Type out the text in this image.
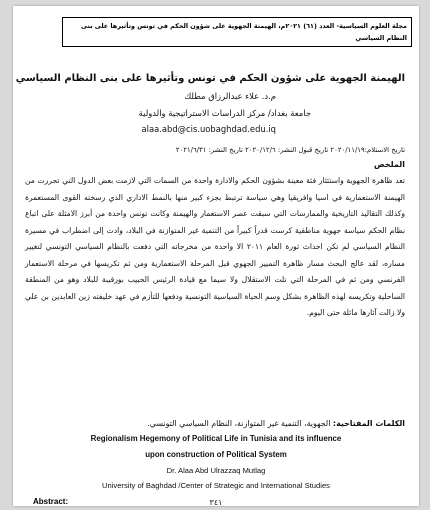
مجلة العلوم السياسية- العدد (٦١) ٢٠٢١م، الهيمنة الجهوية على شؤون الحكم في تونس وتأثيرها على بنى النظام السياسي
الهيمنة الجهوية على شؤون الحكم في تونس وتأثيرها على بنى النظام السياسي
م.د. علاء عبدالرزاق مطلك
جامعة بغداد/ مركز الدراسات الاستراتيجية والدولية
alaa.abd@cis.uobaghdad.edu.iq
تاريخ الاستلام:٢٠٢٠/١١/١٩ تاريخ قبول النشر: ٢٠٢٠/١٢/٦ تاريخ النشر: ٢٠٢١/٦/٣١
الملخص

تعد ظاهرة الجهوية واستئثار فئة معينة بشؤون الحكم والادارة واحدة من السمات التي لازمت بعض الدول التي تحررت من الهيمنة الاستعمارية في اسيا وافريقيا وهي سياسة ترتبط بجزء كبير منها بالنمط الاداري الذي رسخته القوى المستعمرة وكذلك التقاليد التاريخية والممارسات التي سبقت عصر الاستعمار والهيمنة وكانت تونس واحدة من أبرز الامثلة على اتباع نظام الحكم سياسة جهوية مناطقية كرست قدراً كبيراً من التنمية غير المتوازنة في البلاد، وادت إلى اضطراب في مسيرة النظام السياسي لم تكن احداث ثورة العام ٢٠١١ الا واحدة من مخرجاته التي دفعت بالنظام السياسي التونسي لتغيير مساره، لقد عالج البحث مسار ظاهرة التمييز الجهوي قبل المرحلة الاستعمارية ومن ثم تكريسها في مرحلة الاستعمار الفرنسي ومن ثم في المرحلة التي تلت الاستقلال ولا سيما مع قيادة الرئيس الحبيب بورقيبة للبلاد وهو من المنطقة الساحلية وتكريسه لهذه الظاهرة بشكل وسم الحياة السياسية التونسية ودفعها للتأزم في عهد خليفته زين العابدين بن علي ولا زالت آثارها ماثلة حتى اليوم.

الكلمات المفتاحية: الجهوية، التنمية غير المتوازنة، النظام السياسي التونسي.
Regionalism Hegemony of Political Life in Tunisia and its influence
upon construction of Political System
Dr. Alaa Abd Ulrazzaq Mutlag
University of Baghdad /Center of Strategic and International Studies
Abstract:	٣٤١
